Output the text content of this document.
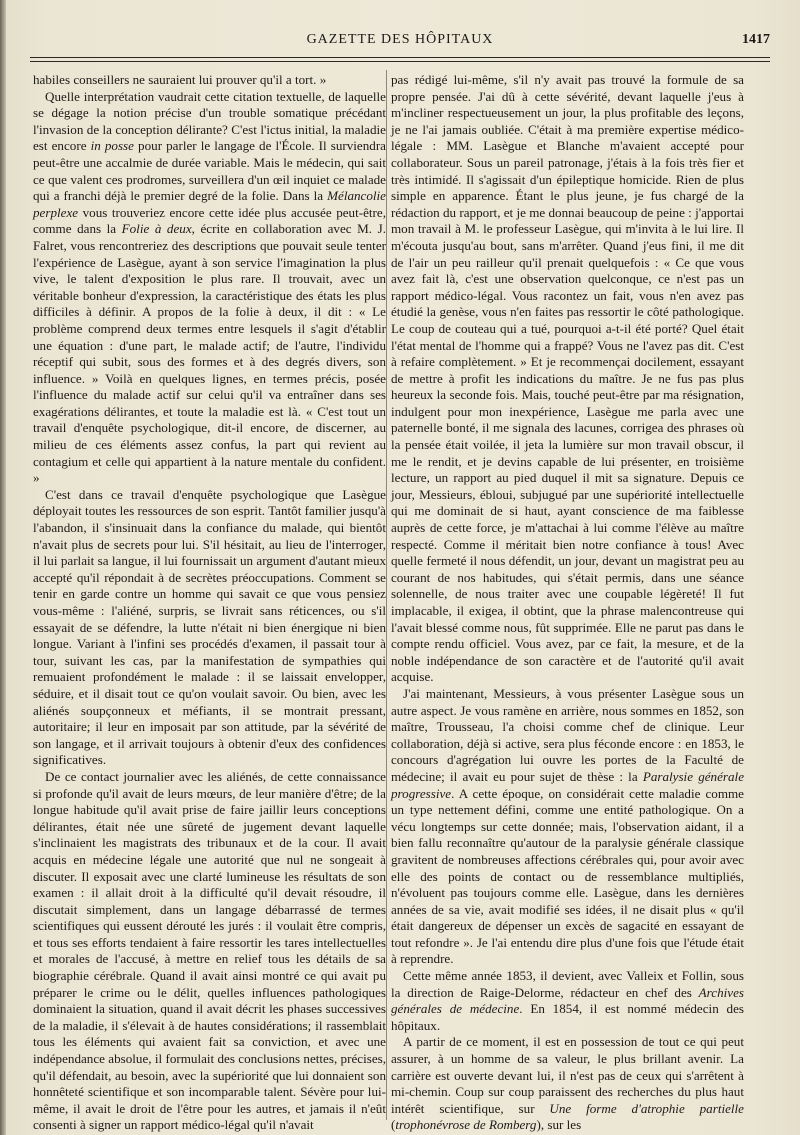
GAZETTE DES HÔPITAUX	1417

habiles conseillers ne sauraient lui prouver qu'il a tort. »

Quelle interprétation vaudrait cette citation textuelle, de laquelle se dégage la notion précise d'un trouble somatique précédant l'invasion de la conception délirante? C'est l'ictus initial, la maladie est encore in posse pour parler le langage de l'École. Il surviendra peut-être une accalmie de durée variable. Mais le médecin, qui sait ce que valent ces prodromes, surveillera d'un œil inquiet ce malade qui a franchi déjà le premier degré de la folie. Dans la Mélancolie perplexe vous trouveriez encore cette idée plus accusée peut-être, comme dans la Folie à deux, écrite en collaboration avec M. J. Falret, vous rencontreriez des descriptions que pouvait seule tenter l'expérience de Lasègue, ayant à son service l'imagination la plus vive, le talent d'exposition le plus rare. Il trouvait, avec un véritable bonheur d'expression, la caractéristique des états les plus difficiles à définir. A propos de la folie à deux, il dit : « Le problème comprend deux termes entre lesquels il s'agit d'établir une équation : d'une part, le malade actif; de l'autre, l'individu réceptif qui subit, sous des formes et à des degrés divers, son influence. » Voilà en quelques lignes, en termes précis, posée l'influence du malade actif sur celui qu'il va entraîner dans ses exagérations délirantes, et toute la maladie est là. « C'est tout un travail d'enquête psychologique, dit-il encore, de discerner, au milieu de ces éléments assez confus, la part qui revient au contagium et celle qui appartient à la nature mentale du confident. »

C'est dans ce travail d'enquête psychologique que Lasègue déployait toutes les ressources de son esprit. Tantôt familier jusqu'à l'abandon, il s'insinuait dans la confiance du malade, qui bientôt n'avait plus de secrets pour lui. S'il hésitait, au lieu de l'interroger, il lui parlait sa langue, il lui fournissait un argument d'autant mieux accepté qu'il répondait à de secrètes préoccupations. Comment se tenir en garde contre un homme qui savait ce que vous pensiez vous-même : l'aliéné, surpris, se livrait sans réticences, ou s'il essayait de se défendre, la lutte n'était ni bien énergique ni bien longue. Variant à l'infini ses procédés d'examen, il passait tour à tour, suivant les cas, par la manifestation de sympathies qui remuaient profondément le malade : il se laissait envelopper, séduire, et il disait tout ce qu'on voulait savoir. Ou bien, avec les aliénés soupçonneux et méfiants, il se montrait pressant, autoritaire; il leur en imposait par son attitude, par la sévérité de son langage, et il arrivait toujours à obtenir d'eux des confidences significatives.

De ce contact journalier avec les aliénés, de cette connaissance si profonde qu'il avait de leurs mœurs, de leur manière d'être; de la longue habitude qu'il avait prise de faire jaillir leurs conceptions délirantes, était née une sûreté de jugement devant laquelle s'inclinaient les magistrats des tribunaux et de la cour. Il avait acquis en médecine légale une autorité que nul ne songeait à discuter. Il exposait avec une clarté lumineuse les résultats de son examen : il allait droit à la difficulté qu'il devait résoudre, il discutait simplement, dans un langage débarrassé de termes scientifiques qui eussent dérouté les jurés : il voulait être compris, et tous ses efforts tendaient à faire ressortir les tares intellectuelles et morales de l'accusé, à mettre en relief tous les détails de sa biographie cérébrale. Quand il avait ainsi montré ce qui avait pu préparer le crime ou le délit, quelles influences pathologiques dominaient la situation, quand il avait décrit les phases successives de la maladie, il s'élevait à de hautes considérations; il rassemblait tous les éléments qui avaient fait sa conviction, et avec une indépendance absolue, il formulait des conclusions nettes, précises, qu'il défendait, au besoin, avec la supériorité que lui donnaient son honnêteté scientifique et son incomparable talent. Sévère pour lui-même, il avait le droit de l'être pour les autres, et jamais il n'eût consenti à signer un rapport médico-légal qu'il n'avait

pas rédigé lui-même, s'il n'y avait pas trouvé la formule de sa propre pensée. J'ai dû à cette sévérité, devant laquelle j'eus à m'incliner respectueusement un jour, la plus profitable des leçons, je ne l'ai jamais oubliée. C'était à ma première expertise médico-légale : MM. Lasègue et Blanche m'avaient accepté pour collaborateur. Sous un pareil patronage, j'étais à la fois très fier et très intimidé. Il s'agissait d'un épileptique homicide. Rien de plus simple en apparence. Étant le plus jeune, je fus chargé de la rédaction du rapport, et je me donnai beaucoup de peine : j'apportai mon travail à M. le professeur Lasègue, qui m'invita à le lui lire. Il m'écouta jusqu'au bout, sans m'arrêter. Quand j'eus fini, il me dit de l'air un peu railleur qu'il prenait quelquefois : « Ce que vous avez fait là, c'est une observation quelconque, ce n'est pas un rapport médico-légal. Vous racontez un fait, vous n'en avez pas étudié la genèse, vous n'en faites pas ressortir le côté pathologique. Le coup de couteau qui a tué, pourquoi a-t-il été porté? Quel était l'état mental de l'homme qui a frappé? Vous ne l'avez pas dit. C'est à refaire complètement. » Et je recommençai docilement, essayant de mettre à profit les indications du maître. Je ne fus pas plus heureux la seconde fois. Mais, touché peut-être par ma résignation, indulgent pour mon inexpérience, Lasègue me parla avec une paternelle bonté, il me signala des lacunes, corrigea des phrases où la pensée était voilée, il jeta la lumière sur mon travail obscur, il me le rendit, et je devins capable de lui présenter, en troisième lecture, un rapport au pied duquel il mit sa signature. Depuis ce jour, Messieurs, ébloui, subjugué par une supériorité intellectuelle qui me dominait de si haut, ayant conscience de ma faiblesse auprès de cette force, je m'attachai à lui comme l'élève au maître respecté. Comme il méritait bien notre confiance à tous! Avec quelle fermeté il nous défendit, un jour, devant un magistrat peu au courant de nos habitudes, qui s'était permis, dans une séance solennelle, de nous traiter avec une coupable légèreté! Il fut implacable, il exigea, il obtint, que la phrase malencontreuse qui l'avait blessé comme nous, fût supprimée. Elle ne parut pas dans le compte rendu officiel. Vous avez, par ce fait, la mesure, et de la noble indépendance de son caractère et de l'autorité qu'il avait acquise.

J'ai maintenant, Messieurs, à vous présenter Lasègue sous un autre aspect. Je vous ramène en arrière, nous sommes en 1852, son maître, Trousseau, l'a choisi comme chef de clinique. Leur collaboration, déjà si active, sera plus féconde encore : en 1853, le concours d'agrégation lui ouvre les portes de la Faculté de médecine; il avait eu pour sujet de thèse : la Paralysie générale progressive. A cette époque, on considérait cette maladie comme un type nettement défini, comme une entité pathologique. On a vécu longtemps sur cette donnée; mais, l'observation aidant, il a bien fallu reconnaître qu'autour de la paralysie générale classique gravitent de nombreuses affections cérébrales qui, pour avoir avec elle des points de contact ou de ressemblance multipliés, n'évoluent pas toujours comme elle. Lasègue, dans les dernières années de sa vie, avait modifié ses idées, il ne disait plus « qu'il était dangereux de dépenser un excès de sagacité en essayant de tout refondre ». Je l'ai entendu dire plus d'une fois que l'étude était à reprendre.

Cette même année 1853, il devient, avec Valleix et Follin, sous la direction de Raige-Delorme, rédacteur en chef des Archives générales de médecine. En 1854, il est nommé médecin des hôpitaux.

A partir de ce moment, il est en possession de tout ce qui peut assurer, à un homme de sa valeur, le plus brillant avenir. La carrière est ouverte devant lui, il n'est pas de ceux qui s'arrêtent à mi-chemin. Coup sur coup paraissent des recherches du plus haut intérêt scientifique, sur Une forme d'atrophie partielle (trophonévrose de Romberg), sur les
